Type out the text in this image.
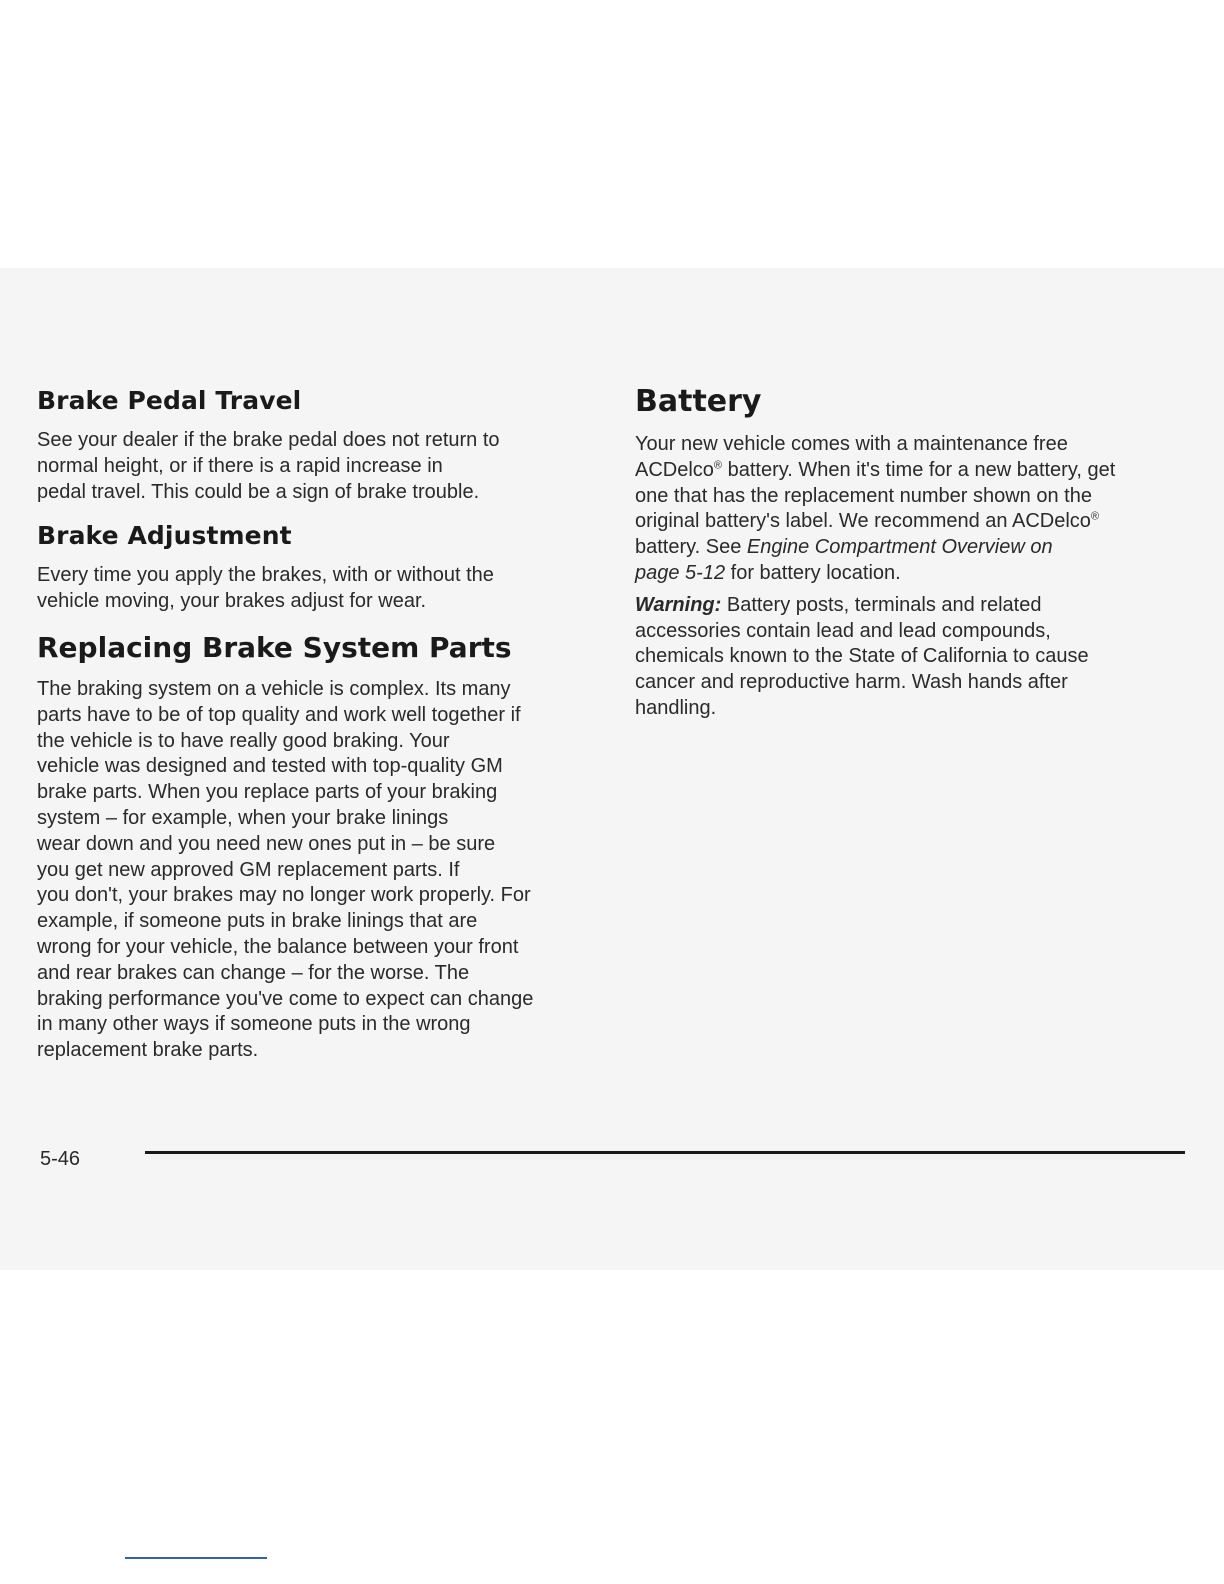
Brake Pedal Travel

See your dealer if the brake pedal does not return to
normal height, or if there is a rapid increase in
pedal travel. This could be a sign of brake trouble.

Brake Adjustment

Every time you apply the brakes, with or without the
vehicle moving, your brakes adjust for wear.

Replacing Brake System Parts

The braking system on a vehicle is complex. Its many
parts have to be of top quality and work well together if
the vehicle is to have really good braking. Your
vehicle was designed and tested with top-quality GM
brake parts. When you replace parts of your braking
system – for example, when your brake linings
wear down and you need new ones put in – be sure
you get new approved GM replacement parts. If
you don't, your brakes may no longer work properly. For
example, if someone puts in brake linings that are
wrong for your vehicle, the balance between your front
and rear brakes can change – for the worse. The
braking performance you've come to expect can change
in many other ways if someone puts in the wrong
replacement brake parts.

Battery

Your new vehicle comes with a maintenance free
ACDelco® battery. When it's time for a new battery, get
one that has the replacement number shown on the
original battery's label. We recommend an ACDelco®
battery. See Engine Compartment Overview on
page 5-12 for battery location.

Warning: Battery posts, terminals and related
accessories contain lead and lead compounds,
chemicals known to the State of California to cause
cancer and reproductive harm. Wash hands after
handling.

5-46
